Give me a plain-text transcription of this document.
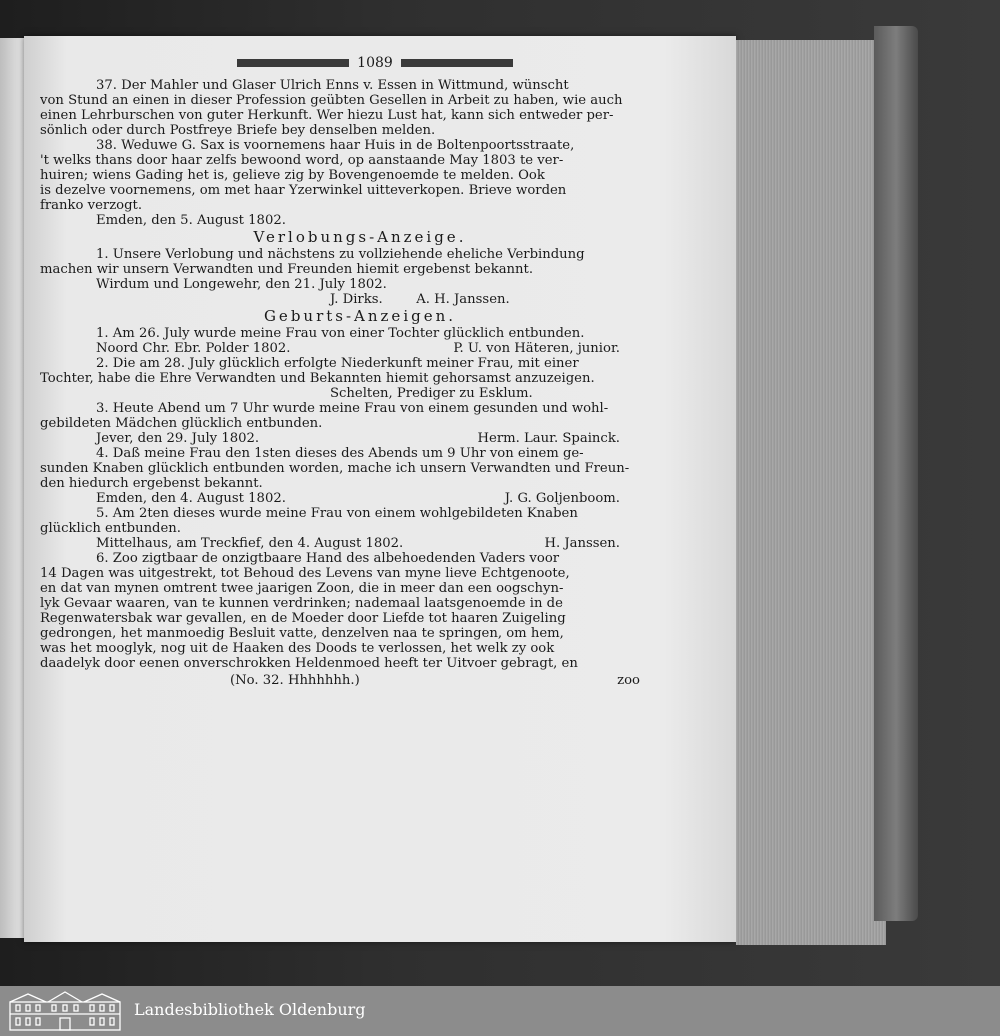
1089
37. Der Mahler und Glaser Ulrich Enns v. Essen in Wittmund, wünscht
von Stund an einen in dieser Profession geübten Gesellen in Arbeit zu haben, wie auch
einen Lehrburschen von guter Herkunft. Wer hiezu Lust hat, kann sich entweder per-
sönlich oder durch Postfreye Briefe bey denselben melden.
38. Weduwe G. Sax is voornemens haar Huis in de Boltenpoortsstraate,
't welks thans door haar zelfs bewoond word, op aanstaande May 1803 te ver-
huiren; wiens Gading het is, gelieve zig by Bovengenoemde te melden. Ook
is dezelve voornemens, om met haar Yzerwinkel uitteverkopen. Brieve worden
franko verzogt.
Emden, den 5. August 1802.
Verlobungs-Anzeige.
1. Unsere Verlobung und nächstens zu vollziehende eheliche Verbindung
machen wir unsern Verwandten und Freunden hiemit ergebenst bekannt.
Wirdum und Longewehr, den 21. July 1802.
J. Dirks.        A. H. Janssen.
Geburts-Anzeigen.
1. Am 26. July wurde meine Frau von einer Tochter glücklich entbunden.
Noord Chr. Ebr. Polder 1802.	P. U. von Häteren, junior.
2. Die am 28. July glücklich erfolgte Niederkunft meiner Frau, mit einer
Tochter, habe die Ehre Verwandten und Bekannten hiemit gehorsamst anzuzeigen.
Schelten, Prediger zu Esklum.
3. Heute Abend um 7 Uhr wurde meine Frau von einem gesunden und wohl-
gebildeten Mädchen glücklich entbunden.
Jever, den 29. July 1802.	Herm. Laur. Spainck.
4. Daß meine Frau den 1sten dieses des Abends um 9 Uhr von einem ge-
sunden Knaben glücklich entbunden worden, mache ich unsern Verwandten und Freun-
den hiedurch ergebenst bekannt.
Emden, den 4. August 1802.	J. G. Goljenboom.
5. Am 2ten dieses wurde meine Frau von einem wohlgebildeten Knaben
glücklich entbunden.
Mittelhaus, am Treckfief, den 4. August 1802.	H. Janssen.
6. Zoo zigtbaar de onzigtbaare Hand des albehoedenden Vaders voor
14 Dagen was uitgestrekt, tot Behoud des Levens van myne lieve Echtgenoote,
en dat van mynen omtrent twee jaarigen Zoon, die in meer dan een oogschyn-
lyk Gevaar waaren, van te kunnen verdrinken; nademaal laatsgenoemde in de
Regenwatersbak war gevallen, en de Moeder door Liefde tot haaren Zuigeling
gedrongen, het manmoedig Besluit vatte, denzelven naa te springen, om hem,
was het mooglyk, nog uit de Haaken des Doods te verlossen, het welk zy ook
daadelyk door eenen onverschrokken Heldenmoed heeft ter Uitvoer gebragt, en
(No. 32. Hhhhhhh.)	zoo
Landesbibliothek Oldenburg
